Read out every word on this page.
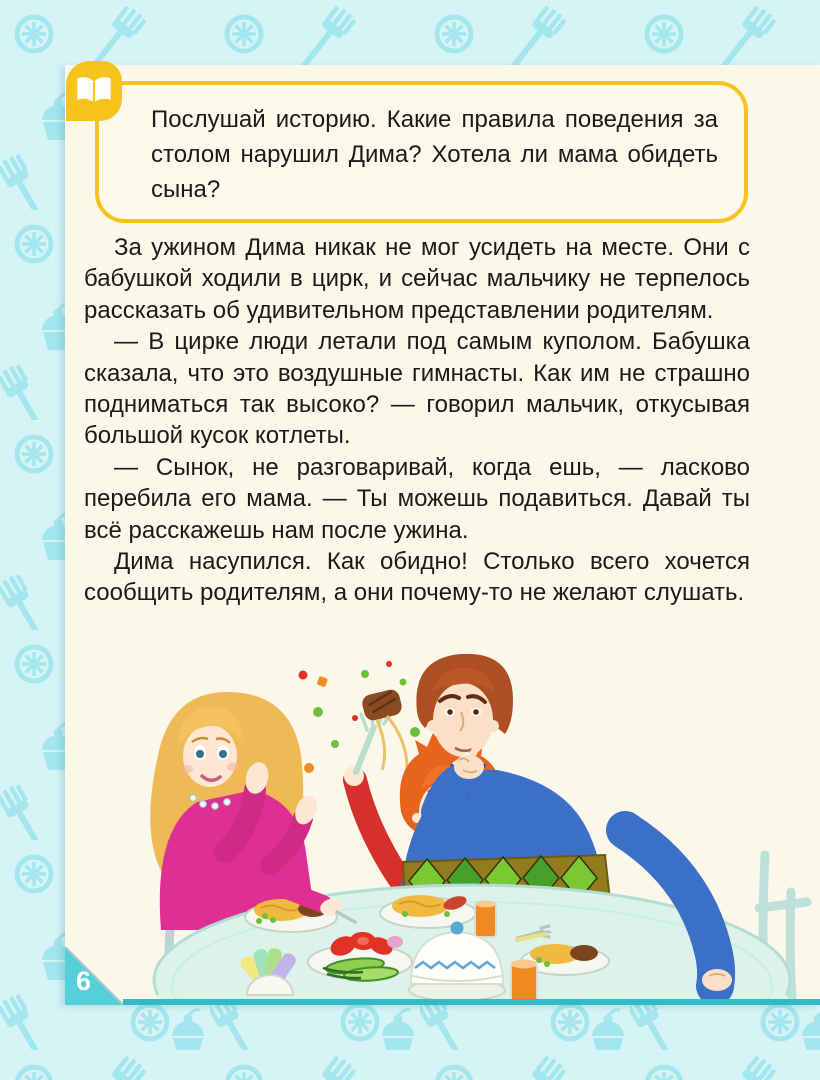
Послушай историю. Какие правила поведения за столом нарушил Дима? Хотела ли мама обидеть сына?

За ужином Дима никак не мог усидеть на месте. Они с бабушкой ходили в цирк, и сейчас мальчику не терпелось рассказать об удивительном представлении родителям.

— В цирке люди летали под самым куполом. Бабушка сказала, что это воздушные гимнасты. Как им не страшно подниматься так высоко? — говорил мальчик, откусывая большой кусок котлеты.

— Сынок, не разговаривай, когда ешь, — ласково перебила его мама. — Ты можешь подавиться. Давай ты всё расскажешь нам после ужина.

Дима насупился. Как обидно! Столько всего хочется сообщить родителям, а они почему-то не желают слушать.

6
